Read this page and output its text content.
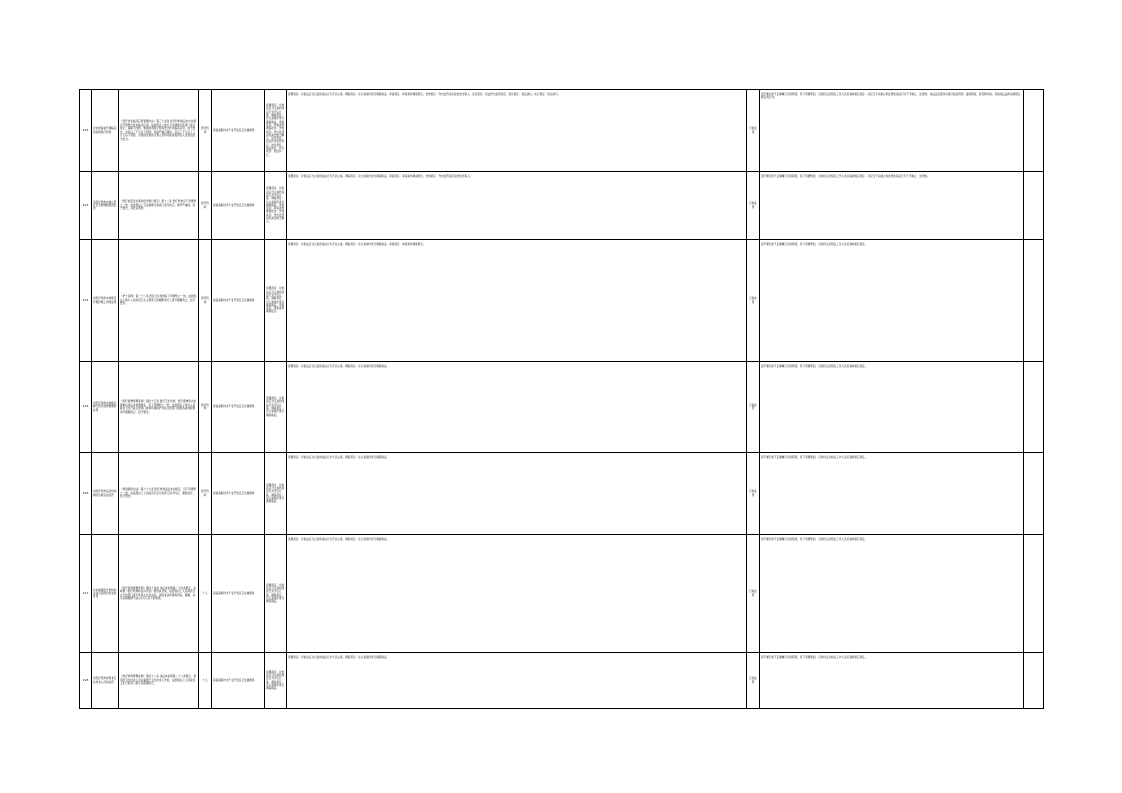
212	对未经备案开展临床试验的医疗机构	《医疗技术临床应用管理办法》第三十四条 医疗机构违反本办法规定开展医疗技术临床应用，由县级以上地方卫生健康行政部门责令改正；逾期不改的，暂停或者停止相关医疗技术临床应用，给予警告，并处以三千元以下罚款；造成严重后果的，处以三千元以上三万元以下罚款，对直接负责的主管人员和其他直接责任人员依法给予处分。	医疗机构	南昌高新技术产业开发区卫生健康局	受理责任：对依法应当立案的违法行为予以立案。调查责任：对立案案件进行调查取证。审查责任：审查案件调查报告。告知责任：作出处罚决定前告知当事人。决定责任：依法作出处罚决定。送达责任：依法送达。执行责任：依法执行。	受理责任：对依法应当立案的违法行为予以立案。调查责任：对立案案件进行调查取证。审查责任：审查案件调查报告。告知责任：作出处罚决定前告知当事人。决定责任：依法作出处罚决定。送达责任：依法送达。执行责任：依法执行。	行政处罚	因不履行或不正确履行行政职责，有下列情形的，行政机关及相关工作人员应承担相应责任：对应当予以制止和处罚的违法行为不予制止、处罚的；违反法定程序实施行政处罚的；滥用职权、玩忽职守的；其他违反法律法规规章规定的行为。	
213	对医疗机构未建立医疗安全管理制度的处罚	《医疗质量安全事件报告暂行规定》第十二条 医疗机构有下列情形之一的，由县级以上卫生健康行政部门责令改正；情节严重的，给予警告，并处以罚款。	医疗机构	南昌高新技术产业开发区卫生健康局	受理责任：对依法应当立案的违法行为予以立案。调查责任：对立案案件进行调查取证。审查责任：审查案件调查报告。告知责任：作出处罚决定前告知当事人。	受理责任：对依法应当立案的违法行为予以立案。调查责任：对立案案件进行调查取证。审查责任：审查案件调查报告。告知责任：作出处罚决定前告知当事人。	行政处罚	因不履行或不正确履行行政职责，有下列情形的，行政机关及相关工作人员应承担相应责任：对应当予以制止和处罚的违法行为不予制止、处罚的。	
214	对医疗机构未按规定开展护理工作的处罚	《护士条例》第二十八条 医疗卫生机构有下列情形之一的，由县级以上地方人民政府卫生主管部门依据职责分工责令限期改正，给予警告。	医疗机构	南昌高新技术产业开发区卫生健康局	受理责任：对依法应当立案的违法行为予以立案。调查责任：对立案案件进行调查取证。审查责任：审查案件调查报告。	受理责任：对依法应当立案的违法行为予以立案。调查责任：对立案案件进行调查取证。审查责任：审查案件调查报告。	行政处罚	因不履行或不正确履行行政职责，有下列情形的，行政机关及相关工作人员应承担相应责任。	
215	对医疗机构未按规定履行医疗废物管理的处罚	《医疗废物管理条例》第四十五条 医疗卫生机构、医疗废物集中处置单位违反本条例规定，有下列情形之一的，由县级以上地方人民政府卫生行政主管部门或者环境保护行政主管部门按照各自的职责责令限期改正，给予警告。	医疗机构	南昌高新技术产业开发区卫生健康局	受理责任：对依法应当立案的违法行为予以立案。调查责任：对立案案件进行调查取证。	受理责任：对依法应当立案的违法行为予以立案。调查责任：对立案案件进行调查取证。	行政处罚	因不履行或不正确履行行政职责，有下列情形的，行政机关及相关工作人员应承担相应责任。	
216	对医疗机构违反传染病防治规定的处罚	《传染病防治法》第六十九条 医疗机构违反本法规定，有下列情形之一的，由县级以上人民政府卫生行政部门责令改正，通报批评，给予警告。	医疗机构	南昌高新技术产业开发区卫生健康局	受理责任：对依法应当立案的违法行为予以立案。调查责任：对立案案件进行调查取证。	受理责任：对依法应当立案的违法行为予以立案。调查责任：对立案案件进行调查取证。	行政处罚	因不履行或不正确履行行政职责，有下列情形的，行政机关及相关工作人员应承担相应责任。	
217	对未取得医疗机构执业许可证擅自执业的处罚	《医疗机构管理条例》第四十四条 违反本条例第二十四条规定，未取得《医疗机构执业许可证》擅自执业的，由县级以上人民政府卫生行政部门责令其停止执业活动，没收非法所得和药品、器械，并可以根据情节处以1万元以下的罚款。	个人	南昌高新技术产业开发区卫生健康局	受理责任：对依法应当立案的违法行为予以立案。调查责任：对立案案件进行调查取证。	受理责任：对依法应当立案的违法行为予以立案。调查责任：对立案案件进行调查取证。	行政处罚	因不履行或不正确履行行政职责，有下列情形的，行政机关及相关工作人员应承担相应责任。	
218	对医疗机构使用非卫生技术人员的处罚	《医疗机构管理条例》第四十八条 违反本条例第二十八条规定，使用非卫生技术人员从事医疗卫生技术工作的，由县级以上人民政府卫生行政部门责令其限期改正。	个人	南昌高新技术产业开发区卫生健康局	受理责任：对依法应当立案的违法行为予以立案。调查责任：对立案案件进行调查取证。	受理责任：对依法应当立案的违法行为予以立案。调查责任：对立案案件进行调查取证。	行政处罚	因不履行或不正确履行行政职责，有下列情形的，行政机关及相关工作人员应承担相应责任。	
